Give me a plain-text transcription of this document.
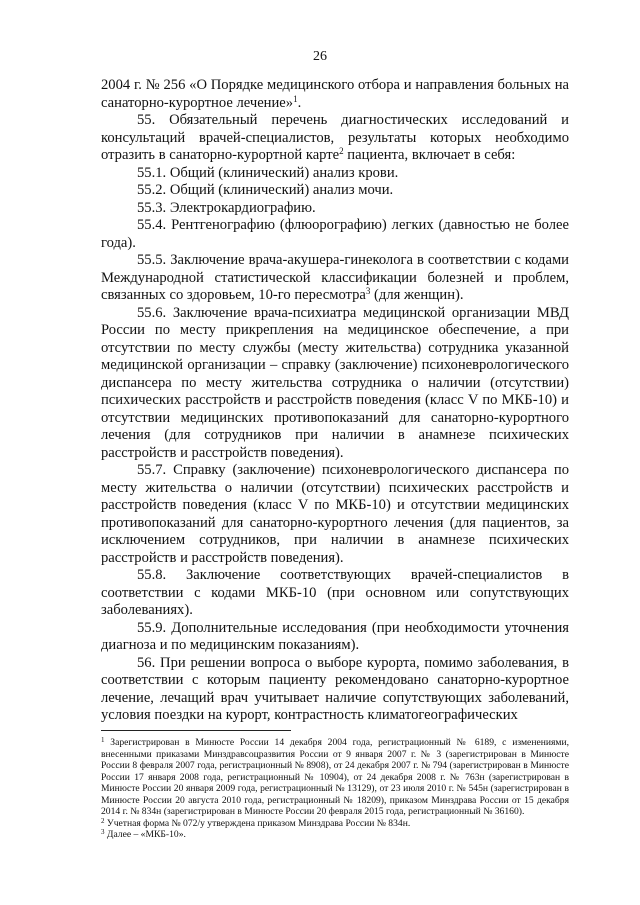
26

2004 г. № 256 «О Порядке медицинского отбора и направления больных на санаторно-курортное лечение»$^1$.

55. Обязательный перечень диагностических исследований и консультаций врачей-специалистов, результаты которых необходимо отразить в санаторно-курортной карте$^2$ пациента, включает в себя:

55.1. Общий (клинический) анализ крови.

55.2. Общий (клинический) анализ мочи.

55.3. Электрокардиографию.

55.4. Рентгенографию (флюорографию) легких (давностью не более года).

55.5. Заключение врача-акушера-гинеколога в соответствии с кодами Международной статистической классификации болезней и проблем, связанных со здоровьем, 10-го пересмотра$^3$ (для женщин).

55.6. Заключение врача-психиатра медицинской организации МВД России по месту прикрепления на медицинское обеспечение, а при отсутствии по месту службы (месту жительства) сотрудника указанной медицинской организации – справку (заключение) психоневрологического диспансера по месту жительства сотрудника о наличии (отсутствии) психических расстройств и расстройств поведения (класс V по МКБ-10) и отсутствии медицинских противопоказаний для санаторно-курортного лечения (для сотрудников при наличии в анамнезе психических расстройств и расстройств поведения).

55.7. Справку (заключение) психоневрологического диспансера по месту жительства о наличии (отсутствии) психических расстройств и расстройств поведения (класс V по МКБ-10) и отсутствии медицинских противопоказаний для санаторно-курортного лечения (для пациентов, за исключением сотрудников, при наличии в анамнезе психических расстройств и расстройств поведения).

55.8. Заключение соответствующих врачей-специалистов в соответствии с кодами МКБ-10 (при основном или сопутствующих заболеваниях).

55.9. Дополнительные исследования (при необходимости уточнения диагноза и по медицинским показаниям).

56. При решении вопроса о выборе курорта, помимо заболевания, в соответствии с которым пациенту рекомендовано санаторно-курортное лечение, лечащий врач учитывает наличие сопутствующих заболеваний, условия поездки на курорт, контрастность климатогеографических

$^1$ Зарегистрирован в Минюсте России 14 декабря 2004 года, регистрационный № 6189, с изменениями, внесенными приказами Минздравсоцразвития России от 9 января 2007 г. № 3 (зарегистрирован в Минюсте России 8 февраля 2007 года, регистрационный № 8908), от 24 декабря 2007 г. № 794 (зарегистрирован в Минюсте России 17 января 2008 года, регистрационный № 10904), от 24 декабря 2008 г. № 763н (зарегистрирован в Минюсте России 20 января 2009 года, регистрационный № 13129), от 23 июля 2010 г. № 545н (зарегистрирован в Минюсте России 20 августа 2010 года, регистрационный № 18209), приказом Минздрава России от 15 декабря 2014 г. № 834н (зарегистрирован в Минюсте России 20 февраля 2015 года, регистрационный № 36160).

$^2$ Учетная форма № 072/у утверждена приказом Минздрава России № 834н.

$^3$ Далее – «МКБ-10».
